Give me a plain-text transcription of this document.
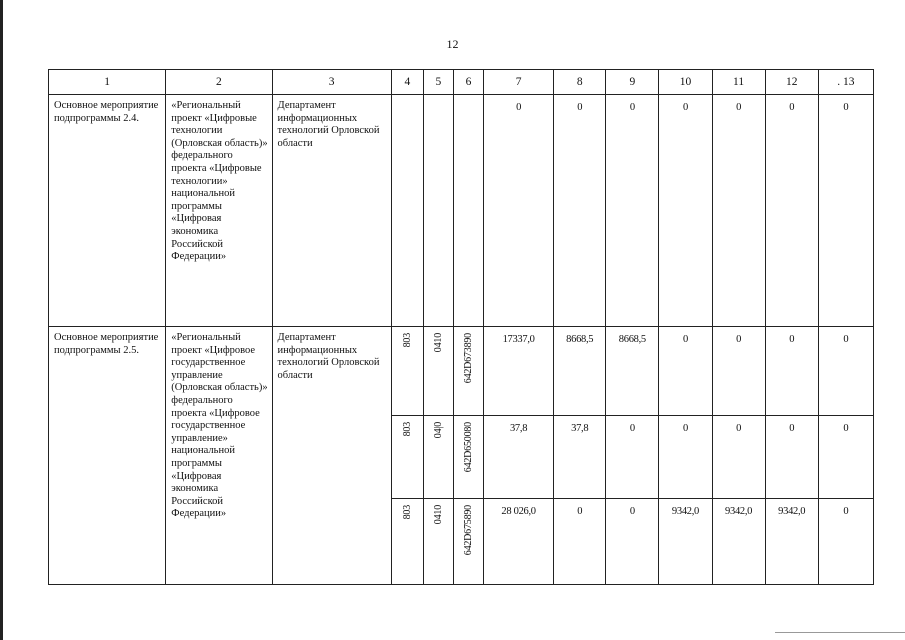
12
1	2	3	4	5	6	7	8	9	10	11	12	. 13
Основное мероприятие подпрограммы 2.4.	«Региональный проект «Цифровые технологии (Орловская область)» федерального проекта «Цифровые технологии» национальной программы «Цифровая экономика Российской Федерации»	Департамент информационных технологий Орловской области				0	0	0	0	0	0	0
Основное мероприятие подпрограммы 2.5.	«Региональный проект «Цифровое государственное управление (Орловская область)» федерального проекта «Цифровое государственное управление» национальной программы «Цифровая экономика Российской Федерации»	Департамент информационных технологий Орловской области	803	0410	642D673890	17337,0	8668,5	8668,5	0	0	0	0
			803	04|0	642D650080	37,8	37,8	0	0	0	0	0
			803	0410	642D675890	28 026,0	0	0	9342,0	9342,0	9342,0	0
